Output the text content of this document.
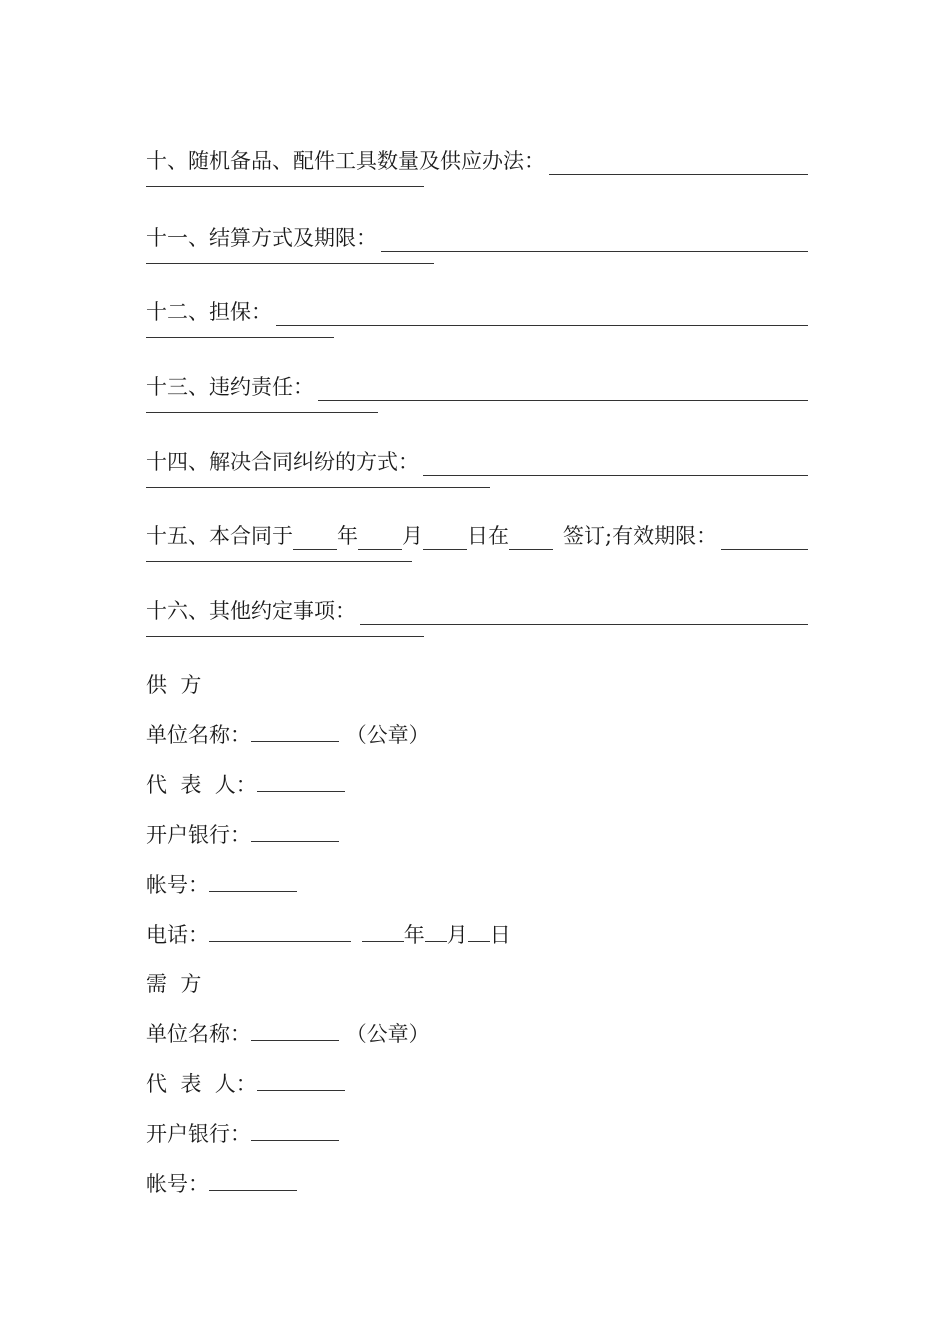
十、随机备品、配件工具数量及供应办法：
十一、结算方式及期限：
十二、担保：
十三、违约责任：
十四、解决合同纠纷的方式：
十五、本合同于 年 月 日在	签订;有效期限：
十六、其他约定事项：
供  方
单位名称：	（公章）
代  表  人：
开户银行：
帐号：
电话：	年 月 日
需  方
单位名称：	（公章）
代  表  人：
开户银行：
帐号：
